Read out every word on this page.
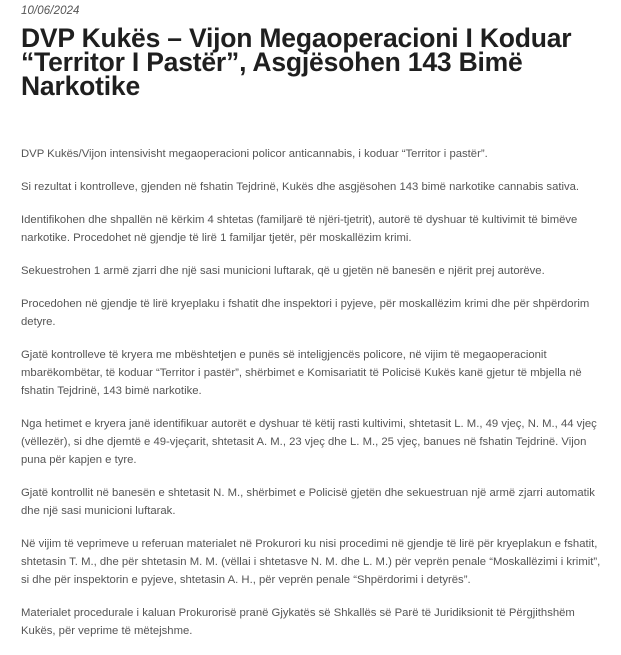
10/06/2024
DVP Kukës – Vijon Megaoperacioni I Koduar “Territor I Pastër”, Asgjësohen 143 Bimë Narkotike

DVP Kukës/Vijon intensivisht megaoperacioni policor anticannabis, i koduar “Territor i pastër”.

Si rezultat i kontrolleve, gjenden në fshatin Tejdrinë, Kukës dhe asgjësohen 143 bimë narkotike cannabis sativa.

Identifikohen dhe shpallën në kërkim 4 shtetas (familjarë të njëri-tjetrit), autorë të dyshuar të kultivimit të bimëve narkotike. Procedohet në gjendje të lirë 1 familjar tjetër, për moskallëzim krimi.

Sekuestrohen 1 armë zjarri dhe një sasi municioni luftarak, që u gjetën në banesën e njërit prej autorëve.

Procedohen në gjendje të lirë kryeplaku i fshatit dhe inspektori i pyjeve, për moskallëzim krimi dhe për shpërdorim detyre.

Gjatë kontrolleve të kryera me mbështetjen e punës së inteligjencës policore, në vijim të megaoperacionit mbarëkombëtar, të koduar “Territor i pastër”, shërbimet e Komisariatit të Policisë Kukës kanë gjetur të mbjella në fshatin Tejdrinë, 143 bimë narkotike.

Nga hetimet e kryera janë identifikuar autorët e dyshuar të këtij rasti kultivimi, shtetasit L. M., 49 vjeç, N. M., 44 vjeç (vëllezër), si dhe djemtë e 49-vjeçarit, shtetasit A. M., 23 vjeç dhe L. M., 25 vjeç, banues në fshatin Tejdrinë. Vijon puna për kapjen e tyre.

Gjatë kontrollit në banesën e shtetasit N. M., shërbimet e Policisë gjetën dhe sekuestruan një armë zjarri automatik dhe një sasi municioni luftarak.

Në vijim të veprimeve u referuan materialet në Prokurori ku nisi procedimi në gjendje të lirë për kryeplakun e fshatit, shtetasin T. M., dhe për shtetasin M. M. (vëllai i shtetasve N. M. dhe L. M.) për veprën penale “Moskallëzimi i krimit”, si dhe për inspektorin e pyjeve, shtetasin A. H., për veprën penale “Shpërdorimi i detyrës”.

Materialet procedurale i kaluan Prokurorisë pranë Gjykatës së Shkallës së Parë të Juridiksionit të Përgjithshëm Kukës, për veprime të mëtejshme.
